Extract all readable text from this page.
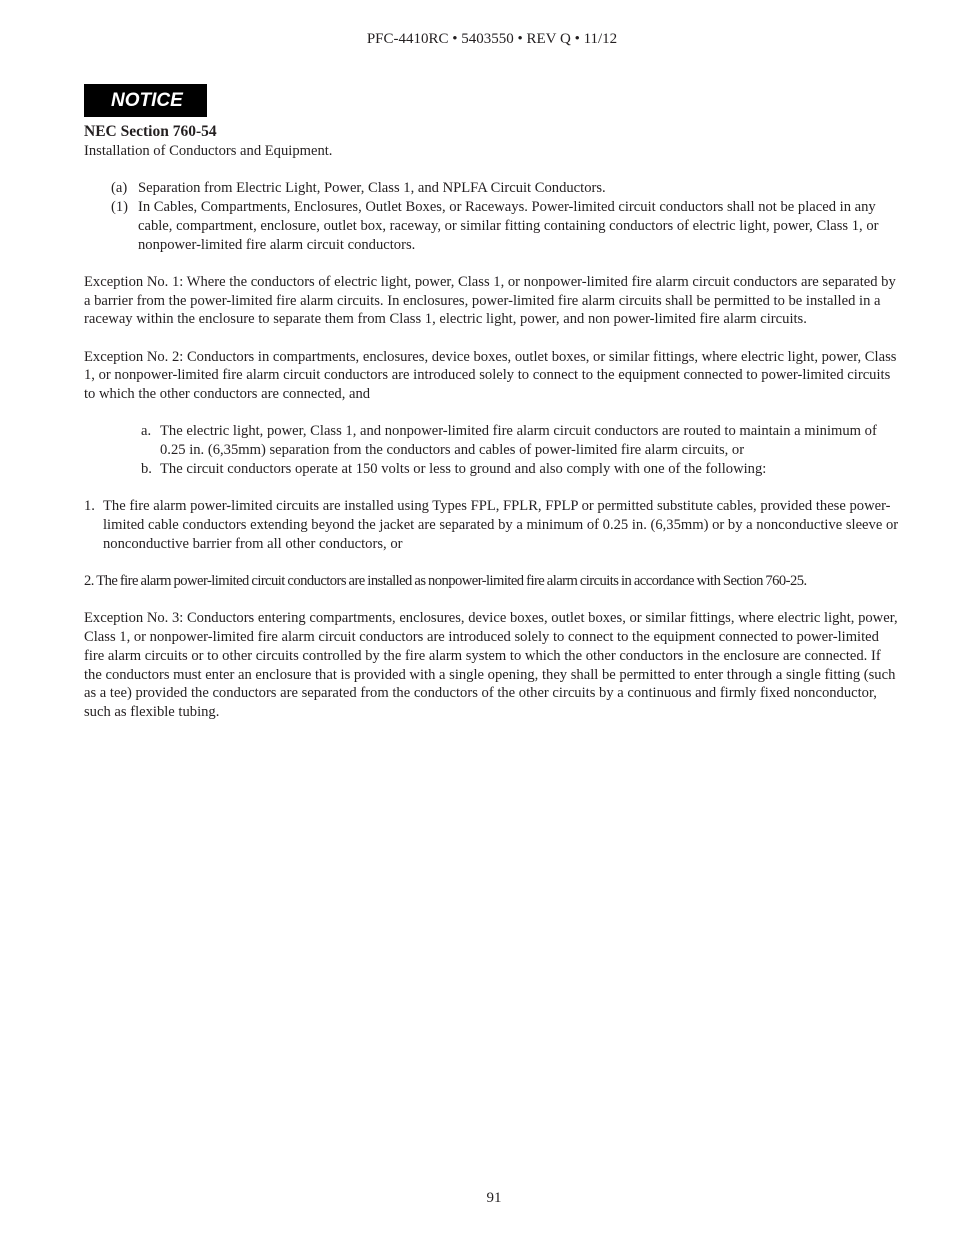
PFC-4410RC • 5403550 • REV Q • 11/12
NOTICE

NEC Section 760-54

Installation of Conductors and Equipment.

(a) Separation from Electric Light, Power, Class 1, and NPLFA Circuit Conductors.
(1) In Cables, Compartments, Enclosures, Outlet Boxes, or Raceways. Power-limited circuit conductors shall not be placed in any cable, compartment, enclosure, outlet box, raceway, or similar fitting containing conductors of electric light, power, Class 1, or nonpower-limited fire alarm circuit conductors.

Exception No. 1: Where the conductors of electric light, power, Class 1, or nonpower-limited fire alarm circuit conductors are separated by a barrier from the power-limited fire alarm circuits. In enclosures, power-limited fire alarm circuits shall be permitted to be installed in a raceway within the enclosure to separate them from Class 1, electric light, power, and non power-limited fire alarm circuits.

Exception No. 2: Conductors in compartments, enclosures, device boxes, outlet boxes, or similar fittings, where electric light, power, Class 1, or nonpower-limited fire alarm circuit conductors are introduced solely to connect to the equipment connected to power-limited circuits to which the other conductors are connected, and

a. The electric light, power, Class 1, and nonpower-limited fire alarm circuit conductors are routed to maintain a minimum of 0.25 in. (6,35mm) separation from the conductors and cables of power-limited fire alarm circuits, or
b. The circuit conductors operate at 150 volts or less to ground and also comply with one of the following:
1. The fire alarm power-limited circuits are installed using Types FPL, FPLR, FPLP or permitted substitute cables, provided these power-limited cable conductors extending beyond the jacket are separated by a minimum of 0.25 in. (6,35mm) or by a nonconductive sleeve or nonconductive barrier from all other conductors, or

2. The fire alarm power-limited circuit conductors are installed as nonpower-limited fire alarm circuits in accordance with Section 760-25.

Exception No. 3: Conductors entering compartments, enclosures, device boxes, outlet boxes, or similar fittings, where electric light, power, Class 1, or nonpower-limited fire alarm circuit conductors are introduced solely to connect to the equipment connected to power-limited fire alarm circuits or to other circuits controlled by the fire alarm system to which the other conductors in the enclosure are connected. If the conductors must enter an enclosure that is provided with a single opening, they shall be permitted to enter through a single fitting (such as a tee) provided the conductors are separated from the conductors of the other circuits by a continuous and firmly fixed nonconductor, such as flexible tubing.

91
